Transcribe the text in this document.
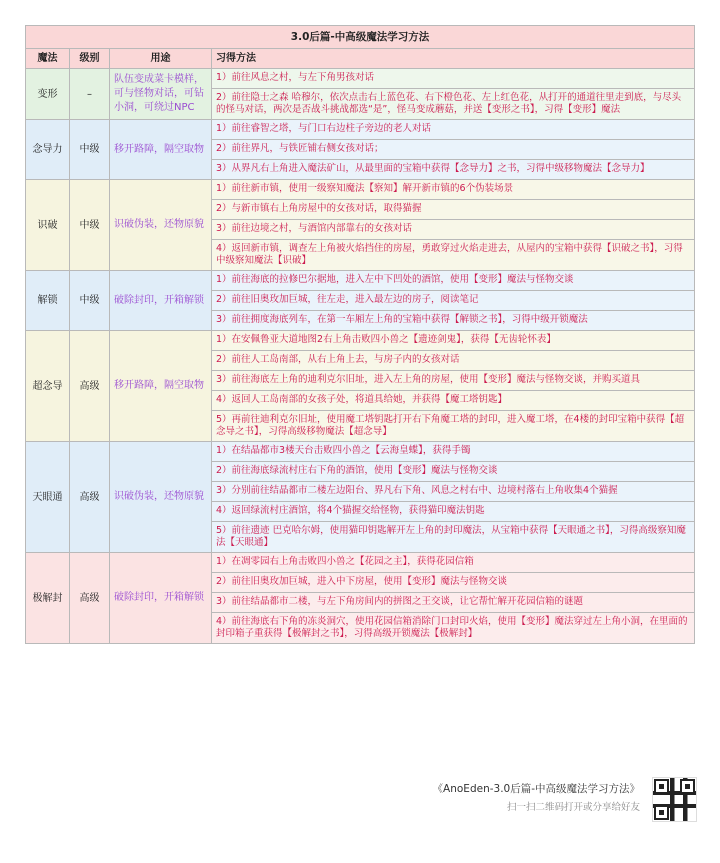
3.0后篇-中高级魔法学习方法			
魔法	级别	用途	习得方法
变形	–	队伍变成菜卡模样，可与怪物对话，可钻小洞，可绕过NPC	1）前往风息之村，与左下角男孩对话
			2）前往隐士之森 哈穆尔，依次点击右上蓝色花、右下橙色花、左上红色花，从打开的通道往里走到底，与尽头的怪马对话，两次是否战斗挑战都选“是”，怪马变成蘑菇，并送【变形之书】，习得【变形】魔法
念导力	中级	移开路障，隔空取物	1）前往睿智之塔，与门口右边柱子旁边的老人对话
			2）前往界凡，与铁匠铺右侧女孩对话；
			3）从界凡右上角进入魔法矿山，从最里面的宝箱中获得【念导力】之书，习得中级移物魔法【念导力】
识破	中级	识破伪装，还物原貌	1）前往新市镇，使用一级察知魔法【察知】解开新市镇的6个伪装场景
			2）与新市镇右上角房屋中的女孩对话，取得猫握
			3）前往边境之村，与酒馆内部靠右的女孩对话
			4）返回新市镇，调查左上角被火焰挡住的房屋，勇敢穿过火焰走进去，从屋内的宝箱中获得【识破之书】，习得中级察知魔法【识破】
解锁	中级	破除封印，开箱解锁	1）前往海底的拉修巴尔据地，进入左中下凹处的酒馆，使用【变形】魔法与怪物交谈
			2）前往旧奥玫加巨城，往左走，进入最左边的房子，阅读笔记
			3）前往拥度海底列车，在第一车厢左上角的宝箱中获得【解锁之书】，习得中级开锁魔法
超念导	高级	移开路障，隔空取物	1）在安佩鲁亚大道地图2右上角击败四小兽之【遗迹剑鬼】，获得【无齿轮怀表】
			2）前往人工岛南部，从右上角上去，与房子内的女孩对话
			3）前往海底左上角的迪利克尔旧址，进入左上角的房屋，使用【变形】魔法与怪物交谈，并购买道具
			4）返回人工岛南部的女孩子处，将道具给她，并获得【魔工塔钥匙】
			5）再前往迪利克尔旧址，使用魔工塔钥匙打开右下角魔工塔的封印，进入魔工塔，在4楼的封印宝箱中获得【超念导之书】，习得高级移物魔法【超念导】
天眼通	高级	识破伪装，还物原貌	1）在结晶都市3楼天台击败四小兽之【云海皇蝶】，获得手镯
			2）前往海底绿流村庄右下角的酒馆，使用【变形】魔法与怪物交谈
			3）分别前往结晶都市二楼左边阳台、界凡右下角、风息之村右中、边境村落右上角收集4个猫握
			4）返回绿流村庄酒馆，将4个猫握交给怪物，获得猫印魔法钥匙
			5）前往遗迹 巴克哈尔姆，使用猫印钥匙解开左上角的封印魔法，从宝箱中获得【天眼通之书】，习得高级察知魔法【天眼通】
极解封	高级	破除封印，开箱解锁	1）在凋零园右上角击败四小兽之【花园之主】，获得花园信箱
			2）前往旧奥玫加巨城，进入中下房屋，使用【变形】魔法与怪物交谈
			3）前往结晶都市二楼，与左下角房间内的拼图之王交谈，让它帮忙解开花园信箱的谜题
			4）前往海底右下角的冻炎洞穴，使用花园信箱消除门口封印火焰，使用【变形】魔法穿过左上角小洞，在里面的封印箱子重获得【极解封之书】，习得高级开锁魔法【极解封】
《AnoEden-3.0后篇-中高级魔法学习方法》
扫一扫二维码打开或分享给好友
